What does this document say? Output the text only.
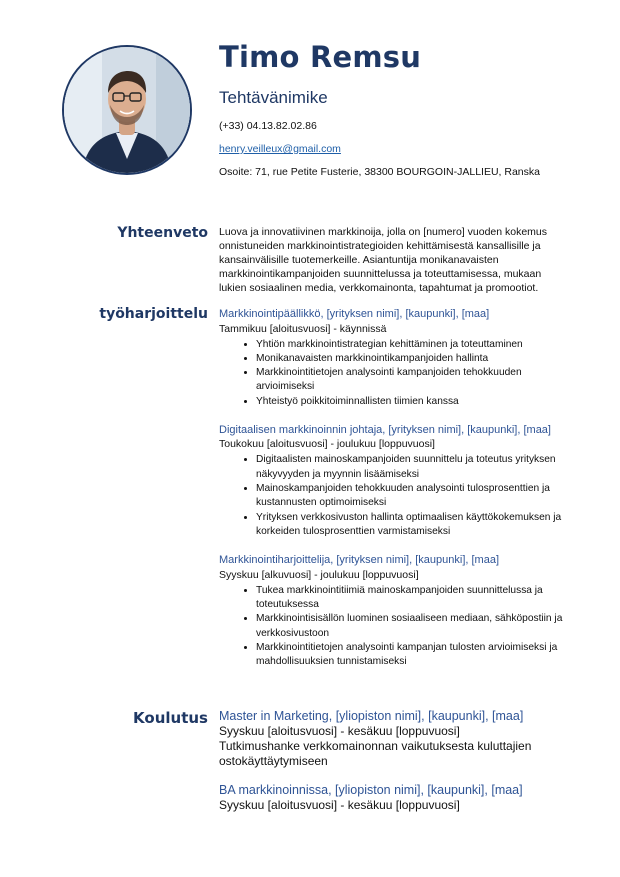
Timo Remsu
Tehtävänimike
(+33) 04.13.82.02.86
henry.veilleux@gmail.com
Osoite: 71, rue Petite Fusterie, 38300 BOURGOIN-JALLIEU, Ranska
Yhteenveto Luova ja innovatiivinen markkinoija, jolla on [numero] vuoden kokemus onnistuneiden markkinointistrategioiden kehittämisestä kansallisille ja kansainvälisille tuotemerkeille. Asiantuntija monikanavaisten markkinointikampanjoiden suunnittelussa ja toteuttamisessa, mukaan lukien sosiaalinen media, verkkomainonta, tapahtumat ja promootiot.
työharjoittelu Markkinointipäällikkö, [yrityksen nimi], [kaupunki], [maa]
Tammikuu [aloitusvuosi] - käynnissä
• Yhtiön markkinointistrategian kehittäminen ja toteuttaminen
• Monikanavaisten markkinointikampanjoiden hallinta
• Markkinointitietojen analysointi kampanjoiden tehokkuuden arvioimiseksi
• Yhteistyö poikkitoiminnallisten tiimien kanssa
Digitaalisen markkinoinnin johtaja, [yrityksen nimi], [kaupunki], [maa]
Toukokuu [aloitusvuosi] - joulukuu [loppuvuosi]
• Digitaalisten mainoskampanjoiden suunnittelu ja toteutus yrityksen näkyvyyden ja myynnin lisäämiseksi
• Mainoskampanjoiden tehokkuuden analysointi tulosprosenttien ja kustannusten optimoimiseksi
• Yrityksen verkkosivuston hallinta optimaalisen käyttökokemuksen ja korkeiden tulosprosenttien varmistamiseksi
Markkinointiharjoittelija, [yrityksen nimi], [kaupunki], [maa]
Syyskuu [alkuvuosi] - joulukuu [loppuvuosi]
• Tukea markkinointitiimiä mainoskampanjoiden suunnittelussa ja toteutuksessa
• Markkinointisisällön luominen sosiaaliseen mediaan, sähköpostiin ja verkkosivustoon
• Markkinointitietojen analysointi kampanjan tulosten arvioimiseksi ja mahdollisuuksien tunnistamiseksi
Koulutus Master in Marketing, [yliopiston nimi], [kaupunki], [maa]
Syyskuu [aloitusvuosi] - kesäkuu [loppuvuosi]
Tutkimushanke verkkomainonnan vaikutuksesta kuluttajien ostokäyttäytymiseen
BA markkinoinnissa, [yliopiston nimi], [kaupunki], [maa]
Syyskuu [aloitusvuosi] - kesäkuu [loppuvuosi]
